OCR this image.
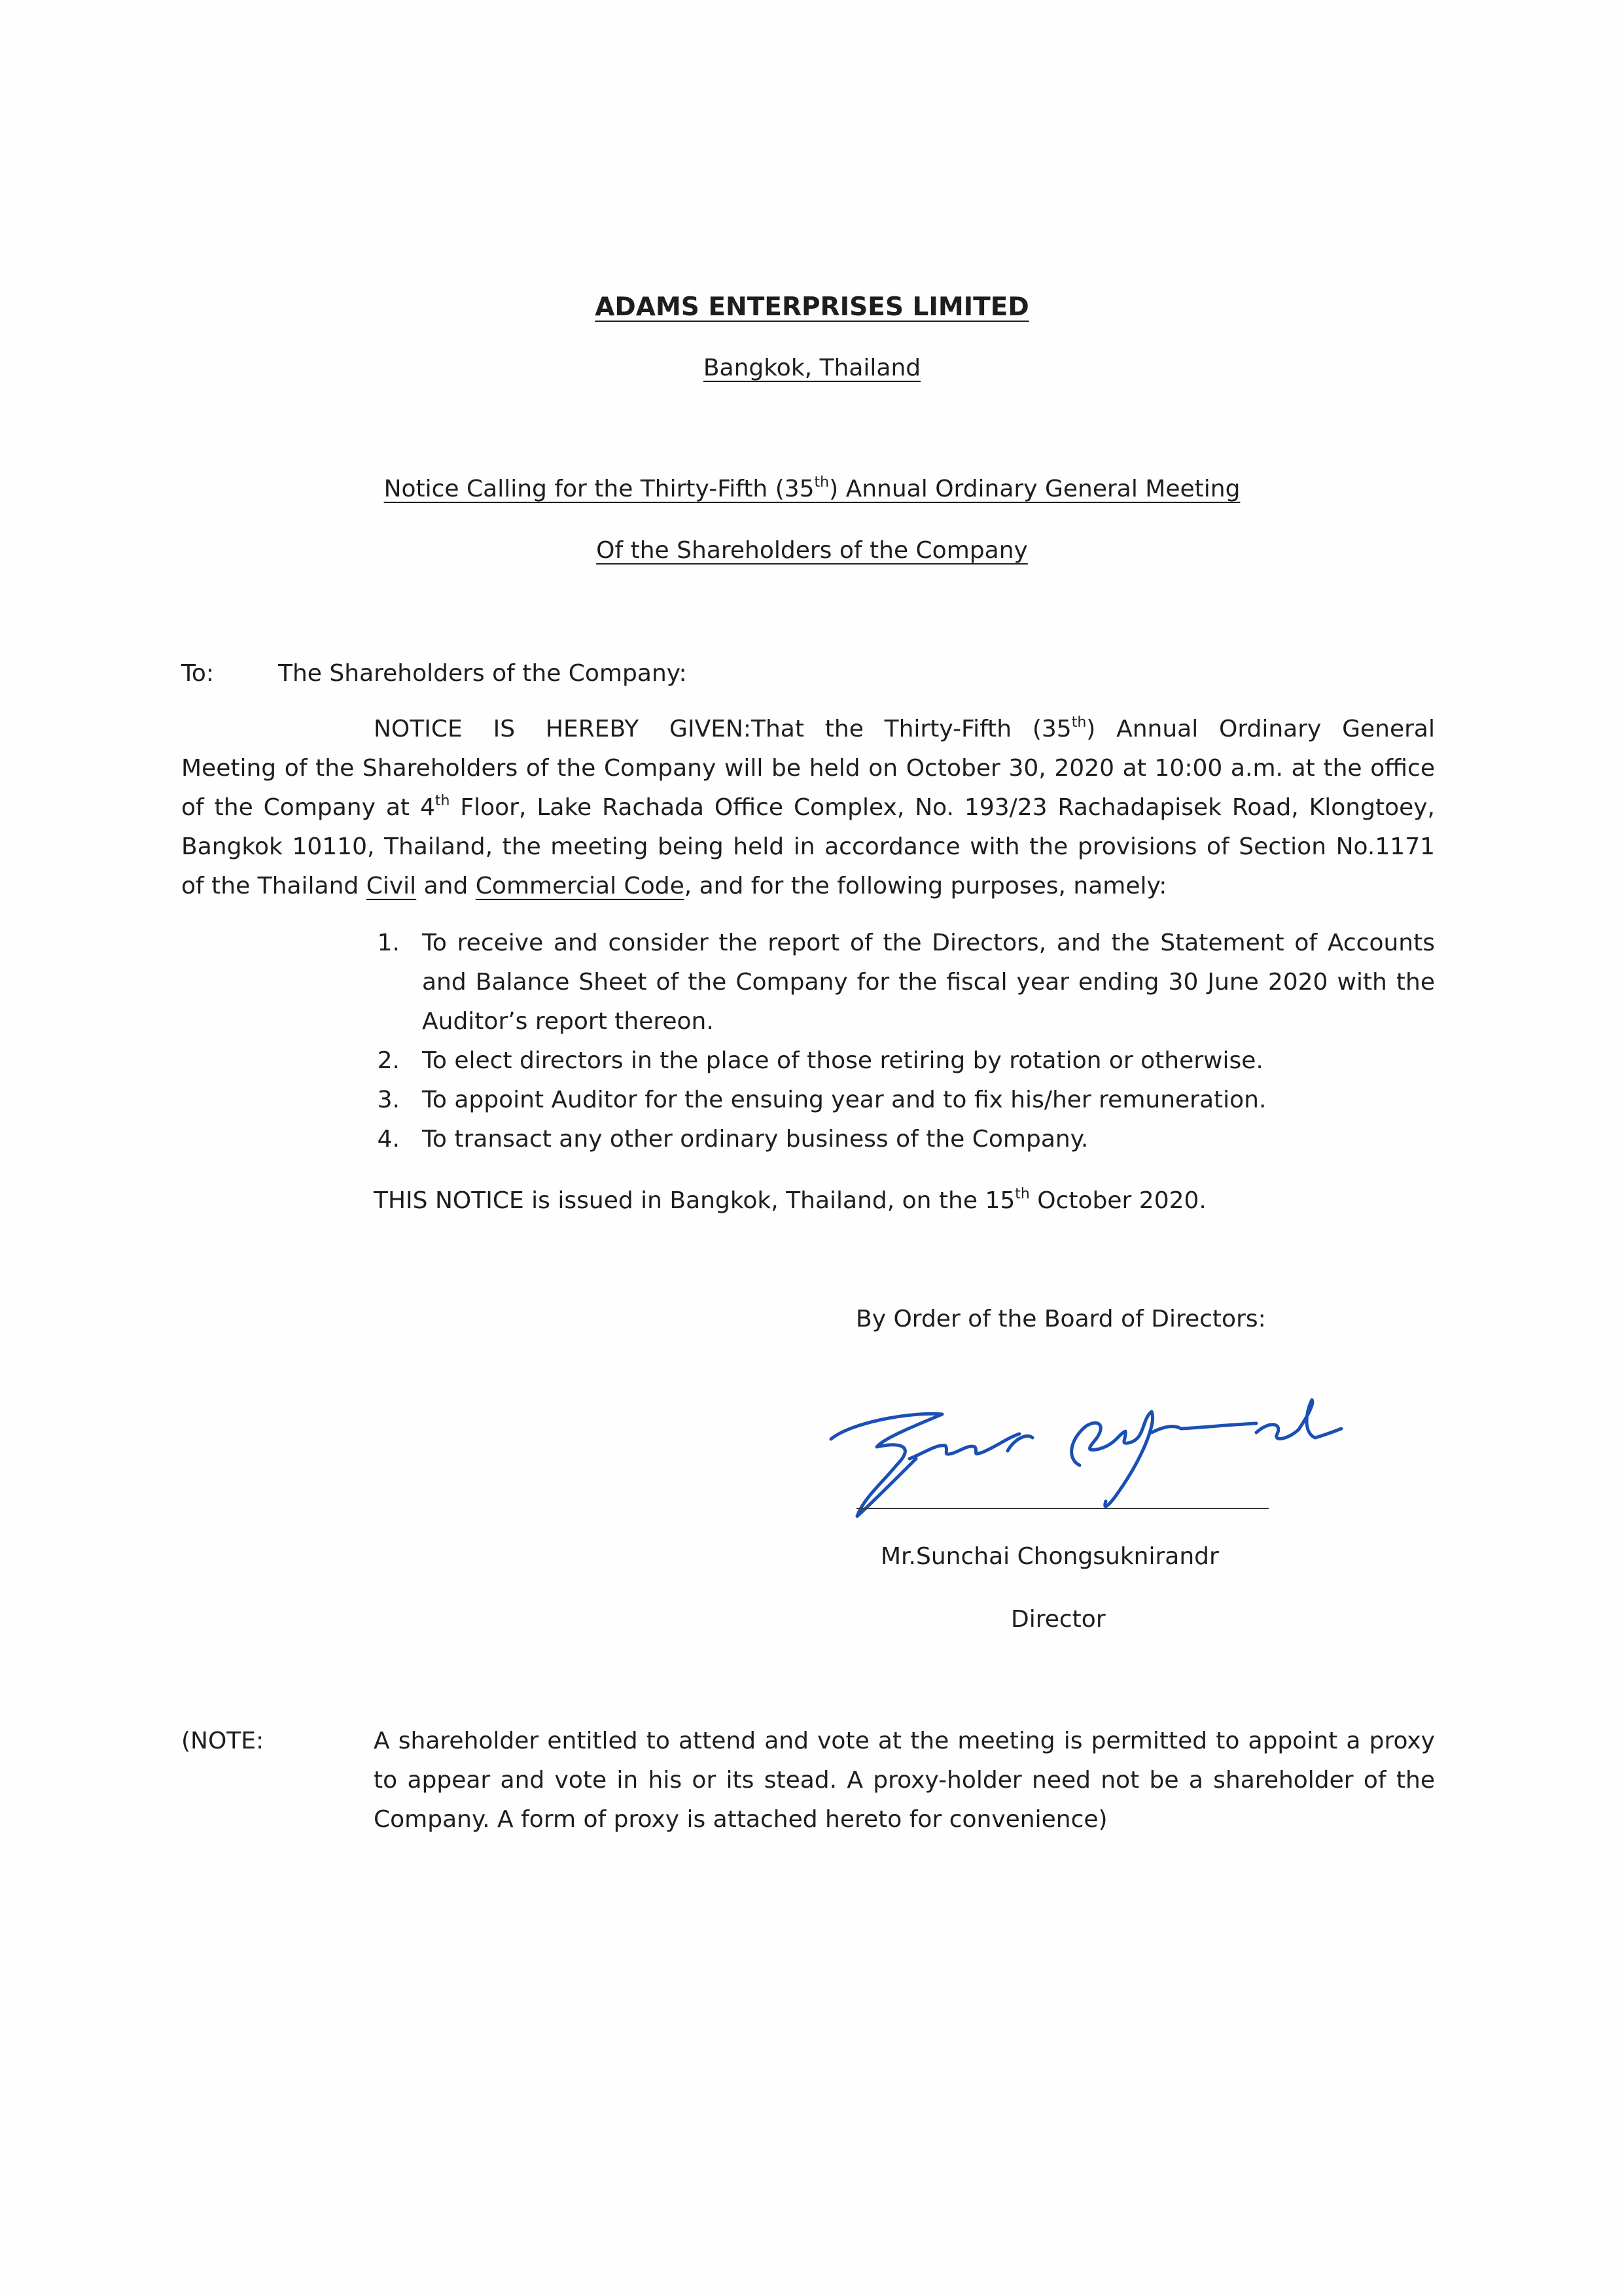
ADAMS ENTERPRISES LIMITED
Bangkok, Thailand
Notice Calling for the Thirty-Fifth (35th) Annual Ordinary General Meeting
Of the Shareholders of the Company
To:	The Shareholders of the Company:
NOTICE IS HEREBY GIVEN:That the Thirty-Fifth (35th) Annual Ordinary General
Meeting of the Shareholders of the Company will be held on October 30, 2020 at 10:00 a.m. at the office of the Company at 4th Floor, Lake Rachada Office Complex, No. 193/23 Rachadapisek Road, Klongtoey, Bangkok 10110, Thailand, the meeting being held in accordance with the provisions of Section No.1171 of the Thailand Civil and Commercial Code, and for the following purposes, namely:
1. To receive and consider the report of the Directors, and the Statement of Accounts and Balance Sheet of the Company for the fiscal year ending 30 June 2020 with the Auditor’s report thereon.
2. To elect directors in the place of those retiring by rotation or otherwise.
3. To appoint Auditor for the ensuing year and to fix his/her remuneration.
4. To transact any other ordinary business of the Company.
THIS NOTICE is issued in Bangkok, Thailand, on the 15th October 2020.
By Order of the Board of Directors:
Mr.Sunchai Chongsuknirandr
Director
(NOTE:	A shareholder entitled to attend and vote at the meeting is permitted to appoint a proxy to appear and vote in his or its stead. A proxy-holder need not be a shareholder of the Company. A form of proxy is attached hereto for convenience)
